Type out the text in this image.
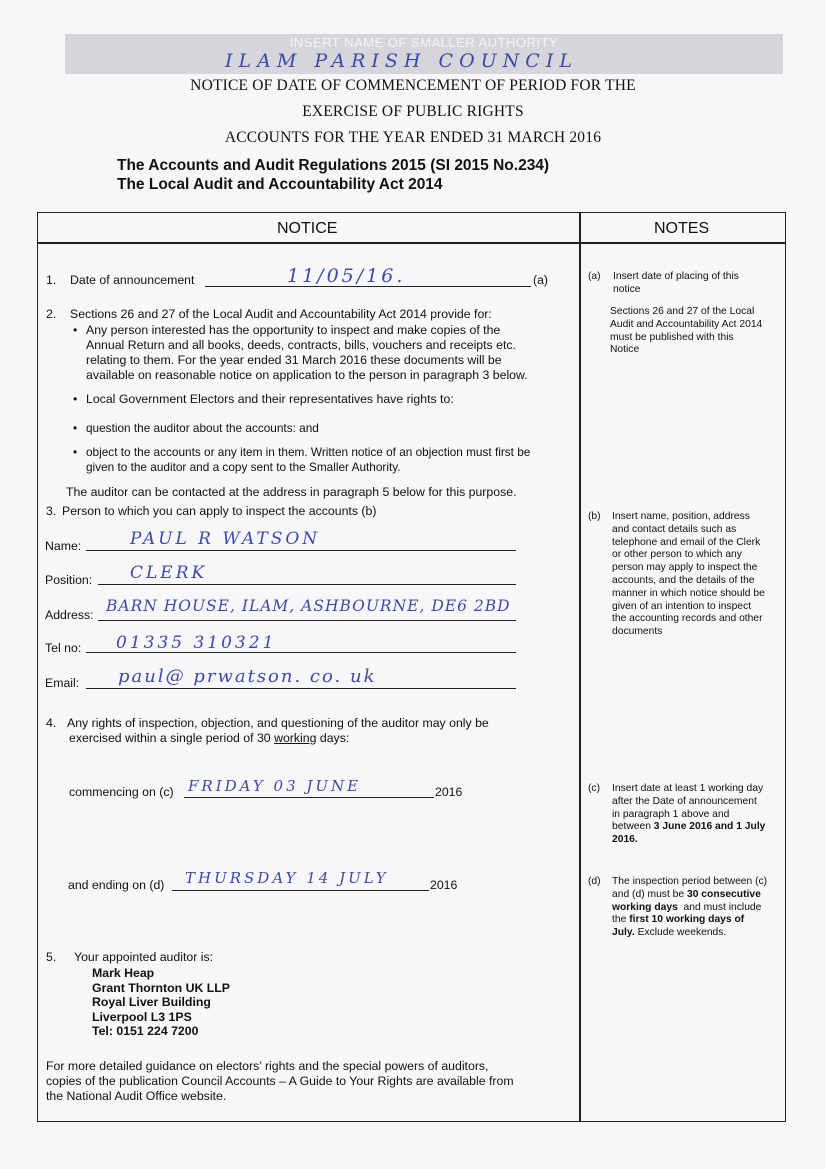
INSERT NAME OF SMALLER AUTHORITY
ILAM PARISH COUNCIL
NOTICE OF DATE OF COMMENCEMENT OF PERIOD FOR THE
EXERCISE OF PUBLIC RIGHTS
ACCOUNTS FOR THE YEAR ENDED 31 MARCH 2016
The Accounts and Audit Regulations 2015 (SI 2015 No.234)
The Local Audit and Accountability Act 2014
NOTICE	NOTES
1. Date of announcement	11/05/16.	(a)
2. Sections 26 and 27 of the Local Audit and Accountability Act 2014 provide for:
• Any person interested has the opportunity to inspect and make copies of the
Annual Return and all books, deeds, contracts, bills, vouchers and receipts etc.
relating to them. For the year ended 31 March 2016 these documents will be
available on reasonable notice on application to the person in paragraph 3 below.
• Local Government Electors and their representatives have rights to:
• question the auditor about the accounts: and
• object to the accounts or any item in them. Written notice of an objection must first be
given to the auditor and a copy sent to the Smaller Authority.
The auditor can be contacted at the address in paragraph 5 below for this purpose.
3. Person to which you can apply to inspect the accounts (b)
Name:	PAUL R WATSON
Position: CLERK
Address: BARN HOUSE, ILAM, ASHBOURNE, DE6 2BD
Tel no: 01335 310321
Email: paul@ prwatson. co. uk
4. Any rights of inspection, objection, and questioning of the auditor may only be
exercised within a single period of 30 working days:
commencing on (c) FRIDAY 03 JUNE	2016
and ending on (d) THURSDAY 14 JULY	2016
5. Your appointed auditor is:
Mark Heap
Grant Thornton UK LLP
Royal Liver Building
Liverpool L3 1PS
Tel: 0151 224 7200
For more detailed guidance on electors’ rights and the special powers of auditors,
copies of the publication Council Accounts – A Guide to Your Rights are available from
the National Audit Office website.
(a) Insert date of placing of this
notice
Sections 26 and 27 of the Local
Audit and Accountability Act 2014
must be published with this
Notice
(b) Insert name, position, address
and contact details such as
telephone and email of the Clerk
or other person to which any
person may apply to inspect the
accounts, and the details of the
manner in which notice should be
given of an intention to inspect
the accounting records and other
documents
(c) Insert date at least 1 working day
after the Date of announcement
in paragraph 1 above and
between 3 June 2016 and 1 July
2016.
(d) The inspection period between (c)
and (d) must be 30 consecutive
working days  and must include
the first 10 working days of
July. Exclude weekends.
